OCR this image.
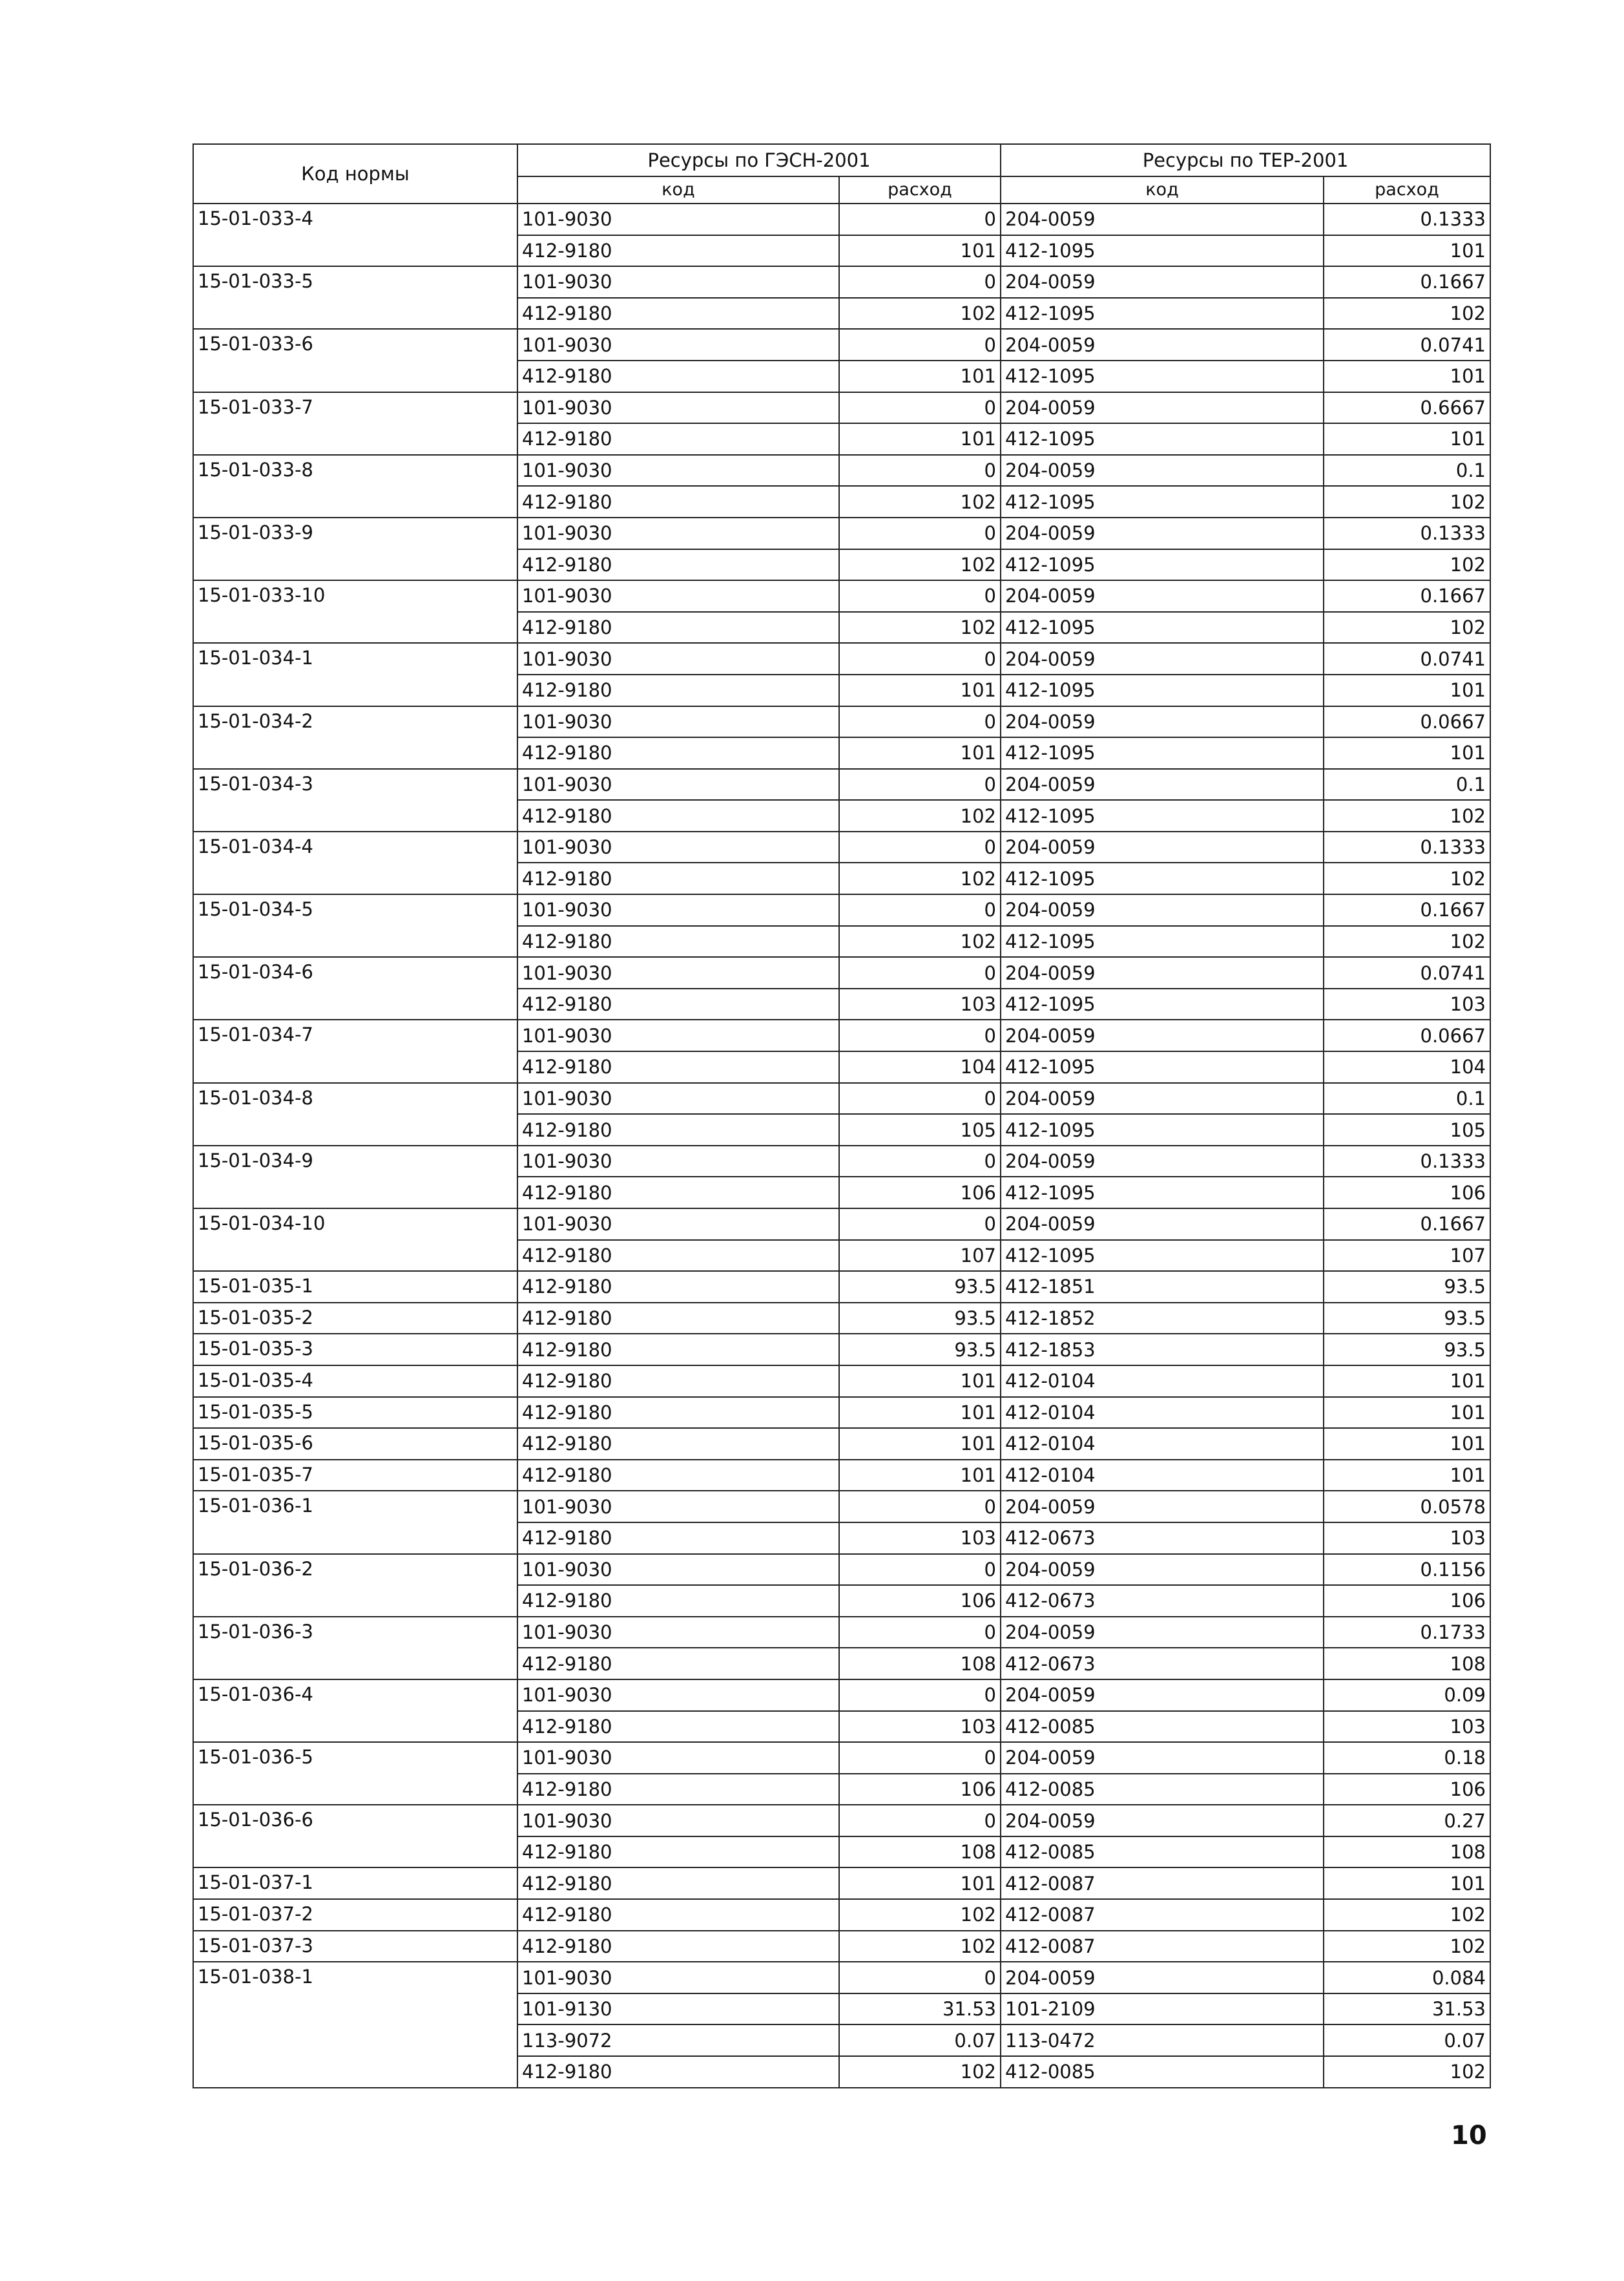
Код нормы	Ресурсы по ГЭСН-2001		Ресурсы по ТЕР-2001	
	код	расход	код	расход
15-01-033-4	101-9030	0	204-0059	0.1333
	412-9180	101	412-1095	101
15-01-033-5	101-9030	0	204-0059	0.1667
	412-9180	102	412-1095	102
15-01-033-6	101-9030	0	204-0059	0.0741
	412-9180	101	412-1095	101
15-01-033-7	101-9030	0	204-0059	0.6667
	412-9180	101	412-1095	101
15-01-033-8	101-9030	0	204-0059	0.1
	412-9180	102	412-1095	102
15-01-033-9	101-9030	0	204-0059	0.1333
	412-9180	102	412-1095	102
15-01-033-10	101-9030	0	204-0059	0.1667
	412-9180	102	412-1095	102
15-01-034-1	101-9030	0	204-0059	0.0741
	412-9180	101	412-1095	101
15-01-034-2	101-9030	0	204-0059	0.0667
	412-9180	101	412-1095	101
15-01-034-3	101-9030	0	204-0059	0.1
	412-9180	102	412-1095	102
15-01-034-4	101-9030	0	204-0059	0.1333
	412-9180	102	412-1095	102
15-01-034-5	101-9030	0	204-0059	0.1667
	412-9180	102	412-1095	102
15-01-034-6	101-9030	0	204-0059	0.0741
	412-9180	103	412-1095	103
15-01-034-7	101-9030	0	204-0059	0.0667
	412-9180	104	412-1095	104
15-01-034-8	101-9030	0	204-0059	0.1
	412-9180	105	412-1095	105
15-01-034-9	101-9030	0	204-0059	0.1333
	412-9180	106	412-1095	106
15-01-034-10	101-9030	0	204-0059	0.1667
	412-9180	107	412-1095	107
15-01-035-1	412-9180	93.5	412-1851	93.5
15-01-035-2	412-9180	93.5	412-1852	93.5
15-01-035-3	412-9180	93.5	412-1853	93.5
15-01-035-4	412-9180	101	412-0104	101
15-01-035-5	412-9180	101	412-0104	101
15-01-035-6	412-9180	101	412-0104	101
15-01-035-7	412-9180	101	412-0104	101
15-01-036-1	101-9030	0	204-0059	0.0578
	412-9180	103	412-0673	103
15-01-036-2	101-9030	0	204-0059	0.1156
	412-9180	106	412-0673	106
15-01-036-3	101-9030	0	204-0059	0.1733
	412-9180	108	412-0673	108
15-01-036-4	101-9030	0	204-0059	0.09
	412-9180	103	412-0085	103
15-01-036-5	101-9030	0	204-0059	0.18
	412-9180	106	412-0085	106
15-01-036-6	101-9030	0	204-0059	0.27
	412-9180	108	412-0085	108
15-01-037-1	412-9180	101	412-0087	101
15-01-037-2	412-9180	102	412-0087	102
15-01-037-3	412-9180	102	412-0087	102
15-01-038-1	101-9030	0	204-0059	0.084
	101-9130	31.53	101-2109	31.53
	113-9072	0.07	113-0472	0.07
	412-9180	102	412-0085	102
10
